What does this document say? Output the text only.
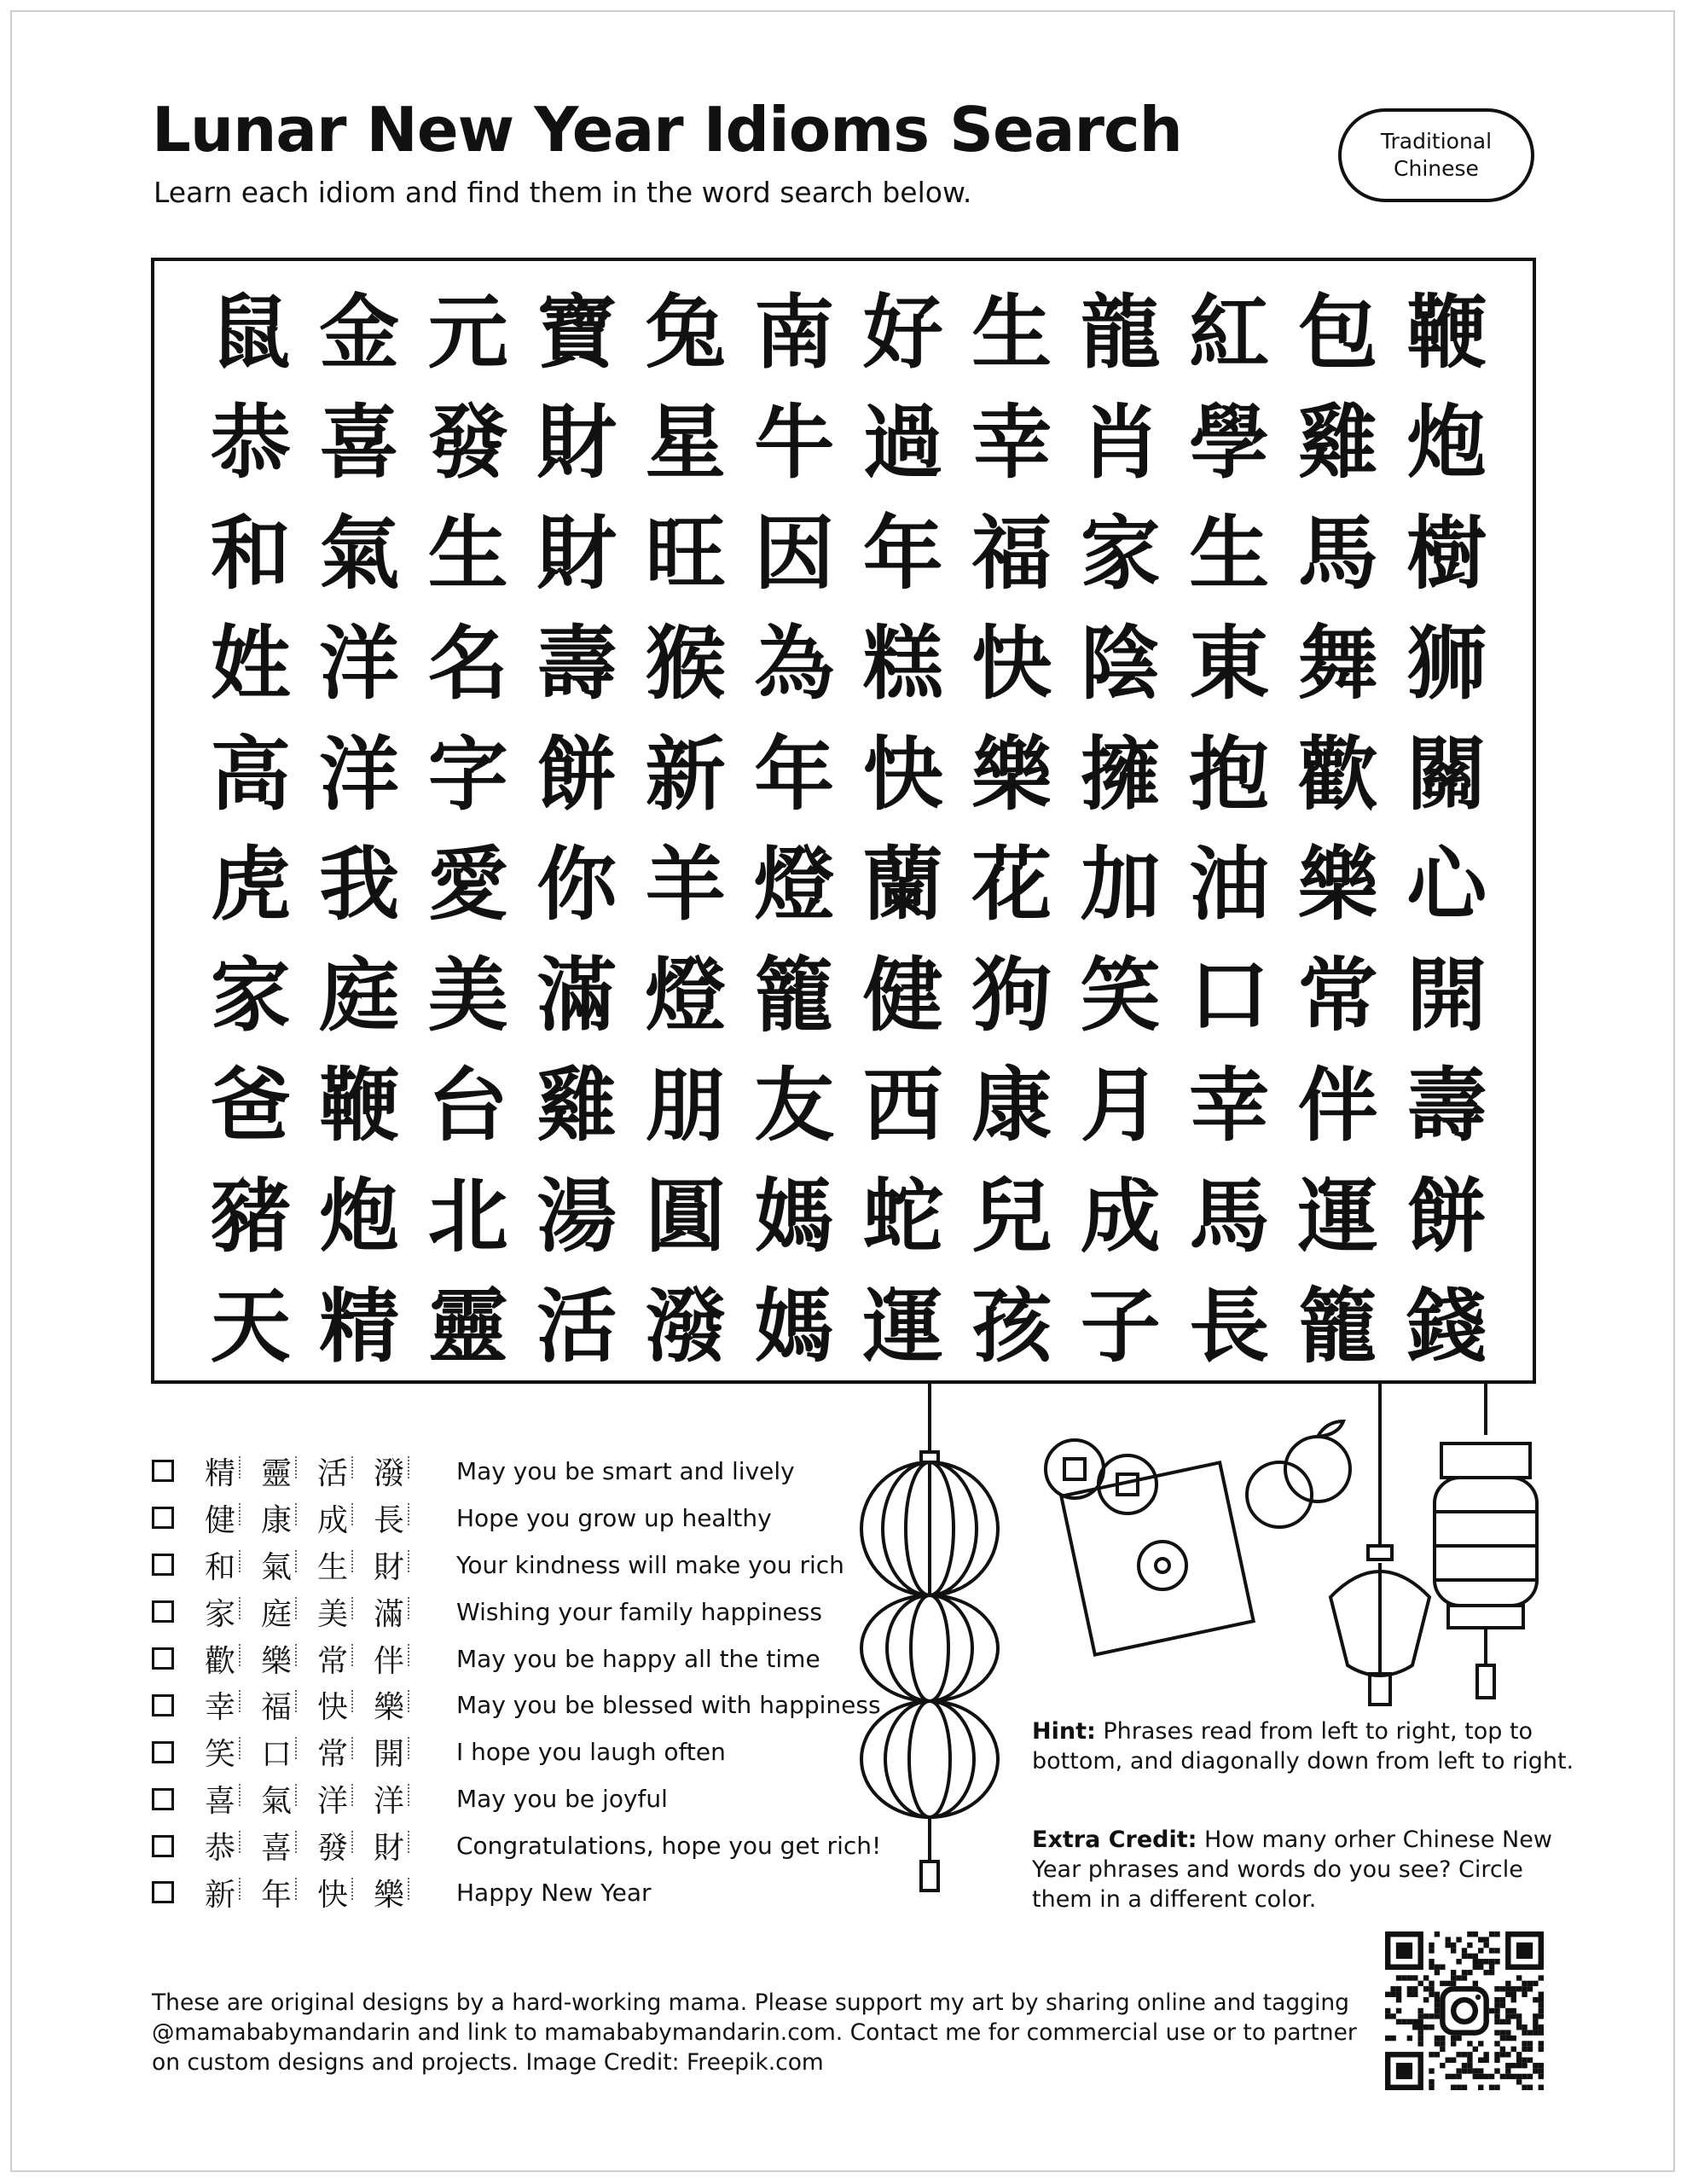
Lunar New Year Idioms Search
Learn each idiom and find them in the word search below.
Traditional
Chinese
鼠 金 元 寶 兔 南 好 生 龍 紅 包 鞭
恭 喜 發 財 星 牛 過 幸 肖 學 雞 炮
和 氣 生 財 旺 因 年 福 家 生 馬 樹
姓 洋 名 壽 猴 為 糕 快 陰 東 舞 狮
高 洋 字 餅 新 年 快 樂 擁 抱 歡 關
虎 我 愛 你 羊 燈 蘭 花 加 油 樂 心
家 庭 美 滿 燈 籠 健 狗 笑 口 常 開
爸 鞭 台 雞 朋 友 西 康 月 幸 伴 壽
豬 炮 北 湯 圓 媽 蛇 兒 成 馬 運 餅
天 精 靈 活 潑 媽 運 孩 子 長 籠 錢
精 靈 活 潑	May you be smart and lively
健 康 成 長	Hope you grow up healthy
和 氣 生 財	Your kindness will make you rich
家 庭 美 滿	Wishing your family happiness
歡 樂 常 伴	May you be happy all the time
幸 福 快 樂	May you be blessed with happiness
笑 口 常 開	I hope you laugh often
喜 氣 洋 洋	May you be joyful
恭 喜 發 財	Congratulations, hope you get rich!
新 年 快 樂	Happy New Year
Hint: Phrases read from left to right, top to bottom, and diagonally down from left to right.
Extra Credit: How many orher Chinese New Year phrases and words do you see? Circle them in a different color.
These are original designs by a hard-working mama. Please support my art by sharing online and tagging @mamababymandarin and link to mamababymandarin.com. Contact me for commercial use or to partner on custom designs and projects. Image Credit: Freepik.com
